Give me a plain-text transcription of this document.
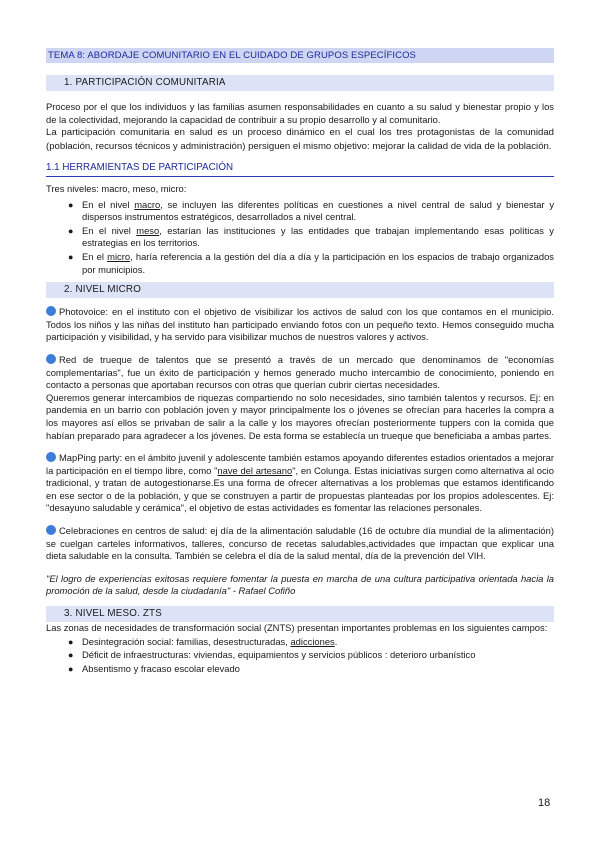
TEMA 8: ABORDAJE COMUNITARIO EN EL CUIDADO DE GRUPOS ESPECÍFICOS
1. PARTICIPACIÓN COMUNITARIA

Proceso por el que los individuos y las familias asumen responsabilidades en cuanto a su salud y bienestar propio y los de la colectividad, mejorando la capacidad de contribuir a su propio desarrollo y al comunitario.

La participación comunitaria en salud es un proceso dinámico en el cual los tres protagonistas de la comunidad (población, recursos técnicos y administración) persiguen el mismo objetivo: mejorar la calidad de vida de la población.

1.1 HERRAMIENTAS DE PARTICIPACIÓN

Tres niveles: macro, meso, micro:

● En el nivel macro, se incluyen las diferentes políticas en cuestiones a nivel central de salud y bienestar y dispersos instrumentos estratégicos, desarrollados a nivel central.
● En el nivel meso, estarían las instituciones y las entidades que trabajan implementando esas políticas y estrategias en los territorios.
● En el micro, haría referencia a la gestión del día a día y la participación en los espacios de trabajo organizados por municipios.
2. NIVEL MICRO

Photovoice: en el instituto con el objetivo de visibilizar los activos de salud con los que contamos en el municipio. Todos los niños y las niñas del instituto han participado enviando fotos con un pequeño texto. Hemos conseguido mucha participación y visibilidad, y ha servido para visibilizar muchos de nuestros valores y activos.

Red de trueque de talentos que se presentó a través de un mercado que denominamos de "economías complementarias", fue un éxito de participación y hemos generado mucho intercambio de conocimiento, poniendo en contacto a personas que aportaban recursos con otras que querían cubrir ciertas necesidades.

Queremos generar intercambios de riquezas compartiendo no solo necesidades, sino también talentos y recursos. Ej: en pandemia en un barrio con población joven y mayor principalmente los o jóvenes se ofrecían para hacerles la compra a los mayores así ellos se privaban de salir a la calle y los mayores ofrecían posteriormente tuppers con la comida que habían preparado para agradecer a los jóvenes. De esta forma se establecía un trueque que beneficiaba a ambas partes.

MapPing party: en el ámbito juvenil y adolescente también estamos apoyando diferentes estadios orientados a mejorar la participación en el tiempo libre, como "nave del artesano", en Colunga. Estas iniciativas surgen como alternativa al ocio tradicional, y tratan de autogestionarse.Es una forma de ofrecer alternativas a los problemas que estamos identificando en ese sector o de la población, y que se construyen a partir de propuestas planteadas por los propios adolescentes. Ej: "desayuno saludable y cerámica", el objetivo de estas actividades es fomentar las relaciones personales.

Celebraciones en centros de salud: ej día de la alimentación saludable (16 de octubre día mundial de la alimentación) se cuelgan carteles informativos, talleres, concurso de recetas saludables,actividades que impactan que explicar una dieta saludable en la consulta. También se celebra el día de la salud mental, día de la prevención del VIH.

"El logro de experiencias exitosas requiere fomentar la puesta en marcha de una cultura participativa orientada hacia la promoción de la salud, desde la ciudadanía" - Rafael Cofiño

3. NIVEL MESO. ZTS

Las zonas de necesidades de transformación social (ZNTS) presentan importantes problemas en los siguientes campos:

● Desintegración social: familias, desestructuradas, adicciones.
● Déficit de infraestructuras: viviendas, equipamientos y servicios públicos : deterioro urbanístico
● Absentismo y fracaso escolar elevado
18
